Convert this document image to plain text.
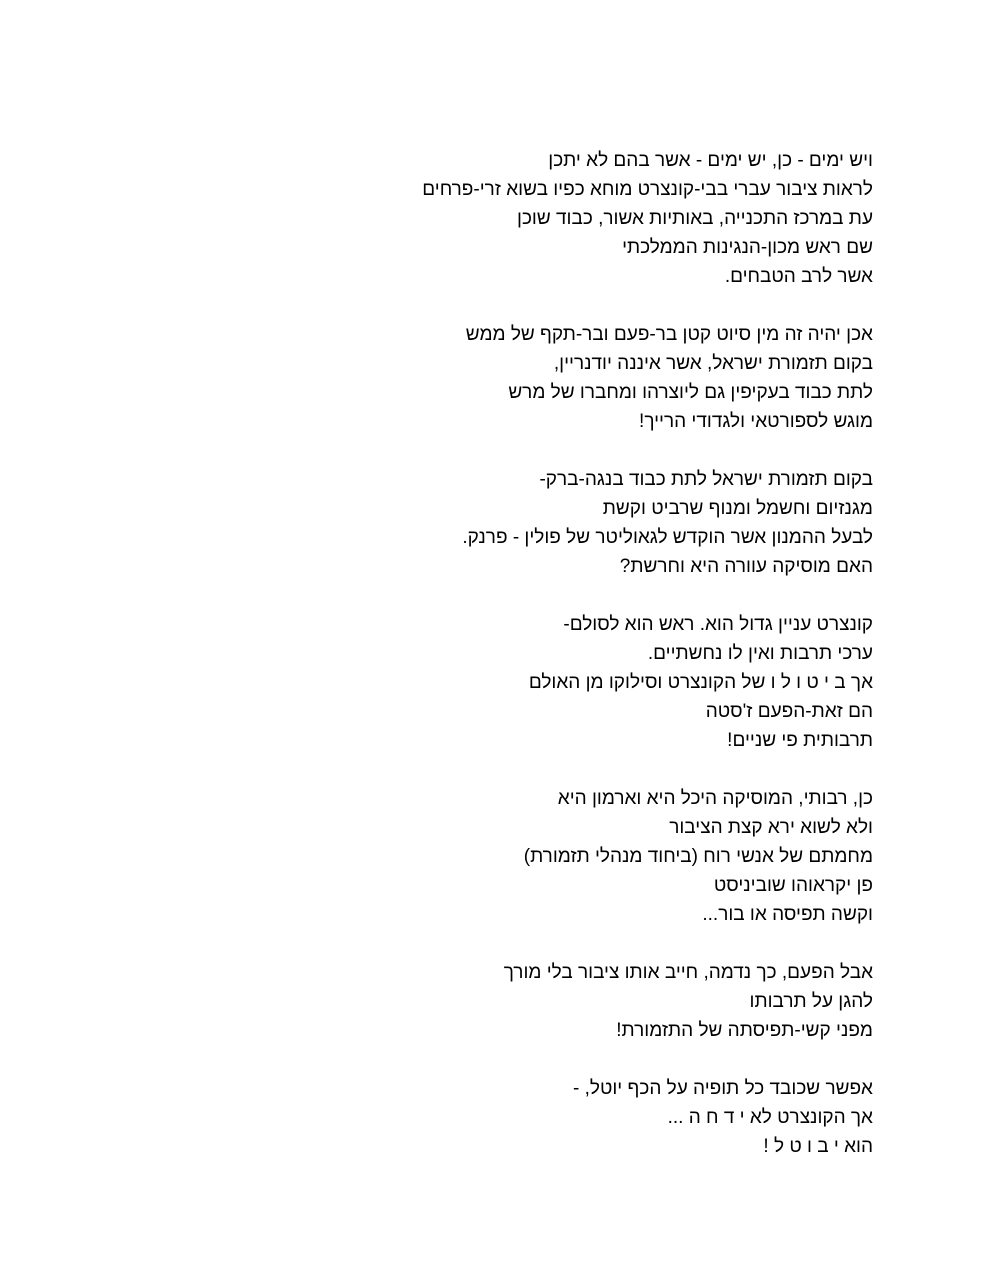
ויש ימים - כן, יש ימים - אשר בהם לא יתכן
לראות ציבור עברי בבי-קונצרט מוחא כפיו בשוא זרי-פרחים
עת במרכז התכנייה, באותיות אשור, כבוד שוכן
שם ראש מכון-הנגינות הממלכתי
אשר לרב הטבחים.
אכן יהיה זה מין סיוט קטן בר-פעם ובר-תקף של ממש
בקום תזמורת ישראל, אשר איננה יודנריין,
לתת כבוד בעקיפין גם ליוצרהו ומחברו של מרש
מוגש לספורטאי ולגדודי הרייך!
בקום תזמורת ישראל לתת כבוד בנגה-ברק-
מגנזיום וחשמל ומנוף שרביט וקשת
לבעל ההמנון אשר הוקדש לגאוליטר של פולין - פרנק.
האם מוסיקה עוורה היא וחרשת?
קונצרט עניין גדול הוא. ראש הוא לסולם-
ערכי תרבות ואין לו נחשתיים.
אך ב י ט ו ל ו של הקונצרט וסילוקו מן האולם
הם זאת-הפעם ז'סטה
תרבותית פי שניים!
כן, רבותי, המוסיקה היכל היא וארמון היא
ולא לשוא ירא קצת הציבור
מחמתם של אנשי רוח (ביחוד מנהלי תזמורת)
פן יקראוהו שוביניסט
וקשה תפיסה או בור...
אבל הפעם, כך נדמה, חייב אותו ציבור בלי מורך
להגן על תרבותו
מפני קשי-תפיסתה של התזמורת!
אפשר שכובד כל תופיה על הכף יוטל, -
אך הקונצרט לא י ד ח ה ...
הוא י ב ו ט ל !
